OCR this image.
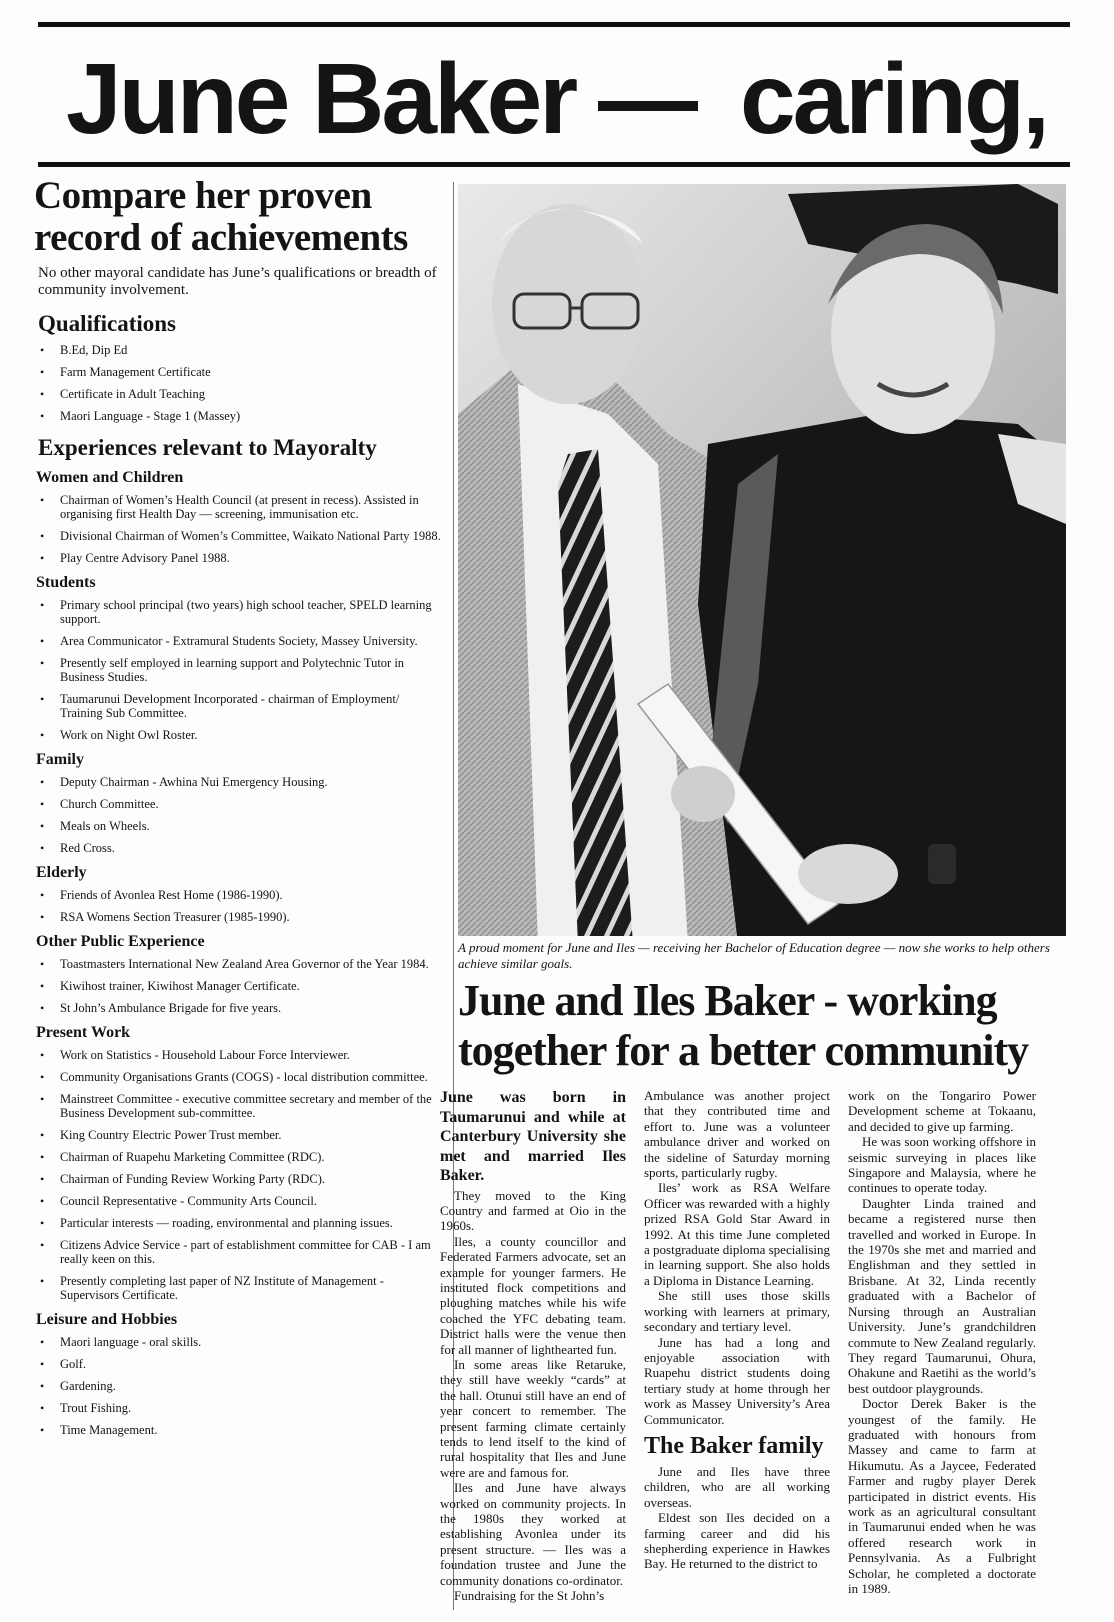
June Baker — caring,
Compare her proven record of achievements
No other mayoral candidate has June’s qualifications or breadth of community involvement.
Qualifications
• B.Ed, Dip Ed
• Farm Management Certificate
• Certificate in Adult Teaching
• Maori Language - Stage 1 (Massey)
Experiences relevant to Mayoralty
Women and Children
• Chairman of Women’s Health Council (at present in recess). Assisted in organising first Health Day — screening, immunisation etc.
• Divisional Chairman of Women’s Committee, Waikato National Party 1988.
• Play Centre Advisory Panel 1988.
Students
• Primary school principal (two years) high school teacher, SPELD learning support.
• Area Communicator - Extramural Students Society, Massey University.
• Presently self employed in learning support and Polytechnic Tutor in Business Studies.
• Taumarunui Development Incorporated - chairman of Employment/ Training Sub Committee.
• Work on Night Owl Roster.
Family
• Deputy Chairman - Awhina Nui Emergency Housing.
• Church Committee.
• Meals on Wheels.
• Red Cross.
Elderly
• Friends of Avonlea Rest Home (1986-1990).
• RSA Womens Section Treasurer (1985-1990).
Other Public Experience
• Toastmasters International New Zealand Area Governor of the Year 1984.
• Kiwihost trainer, Kiwihost Manager Certificate.
• St John’s Ambulance Brigade for five years.
Present Work
• Work on Statistics - Household Labour Force Interviewer.
• Community Organisations Grants (COGS) - local distribution committee.
• Mainstreet Committee - executive committee secretary and member of the Business Development sub-committee.
• King Country Electric Power Trust member.
• Chairman of Ruapehu Marketing Committee (RDC).
• Chairman of Funding Review Working Party (RDC).
• Council Representative - Community Arts Council.
• Particular interests — roading, environmental and planning issues.
• Citizens Advice Service - part of establishment committee for CAB - I am really keen on this.
• Presently completing last paper of NZ Institute of Management - Supervisors Certificate.
Leisure and Hobbies
• Maori language - oral skills.
• Golf.
• Gardening.
• Trout Fishing.
• Time Management.
A proud moment for June and Iles — receiving her Bachelor of Education degree — now she works to help others achieve similar goals.
June and Iles Baker - working together for a better community

June was born in Taumarunui and while at Canterbury University she met and married Iles Baker.

They moved to the King Country and farmed at Oio in the 1960s.

Iles, a county councillor and Federated Farmers advocate, set an example for younger farmers. He instituted flock competitions and ploughing matches while his wife coached the YFC debating team. District halls were the venue then for all manner of lighthearted fun.

In some areas like Retaruke, they still have weekly “cards” at the hall. Otunui still have an end of year concert to remember. The present farming climate certainly tends to lend itself to the kind of rural hospitality that Iles and June were are and famous for.

Iles and June have always worked on community projects. In the 1980s they worked at establishing Avonlea under its present structure. — Iles was a foundation trustee and June the community donations co-ordinator.

Fundraising for the St John’s

Ambulance was another project that they contributed time and effort to. June was a volunteer ambulance driver and worked on the sideline of Saturday morning sports, particularly rugby.

Iles’ work as RSA Welfare Officer was rewarded with a highly prized RSA Gold Star Award in 1992. At this time June completed a postgraduate diploma specialising in learning support. She also holds a Diploma in Distance Learning.

She still uses those skills working with learners at primary, secondary and tertiary level.

June has had a long and enjoyable association with Ruapehu district students doing tertiary study at home through her work as Massey University’s Area Communicator.

The Baker family

June and Iles have three children, who are all working overseas.

Eldest son Iles decided on a farming career and did his shepherding experience in Hawkes Bay. He returned to the district to

work on the Tongariro Power Development scheme at Tokaanu, and decided to give up farming.

He was soon working offshore in seismic surveying in places like Singapore and Malaysia, where he continues to operate today.

Daughter Linda trained and became a registered nurse then travelled and worked in Europe. In the 1970s she met and married and Englishman and they settled in Brisbane. At 32, Linda recently graduated with a Bachelor of Nursing through an Australian University. June’s grandchildren commute to New Zealand regularly. They regard Taumarunui, Ohura, Ohakune and Raetihi as the world’s best outdoor playgrounds.

Doctor Derek Baker is the youngest of the family. He graduated with honours from Massey and came to farm at Hikumutu. As a Jaycee, Federated Farmer and rugby player Derek participated in district events. His work as an agricultural consultant in Taumarunui ended when he was offered research work in Pennsylvania. As a Fulbright Scholar, he completed a doctorate in 1989.
